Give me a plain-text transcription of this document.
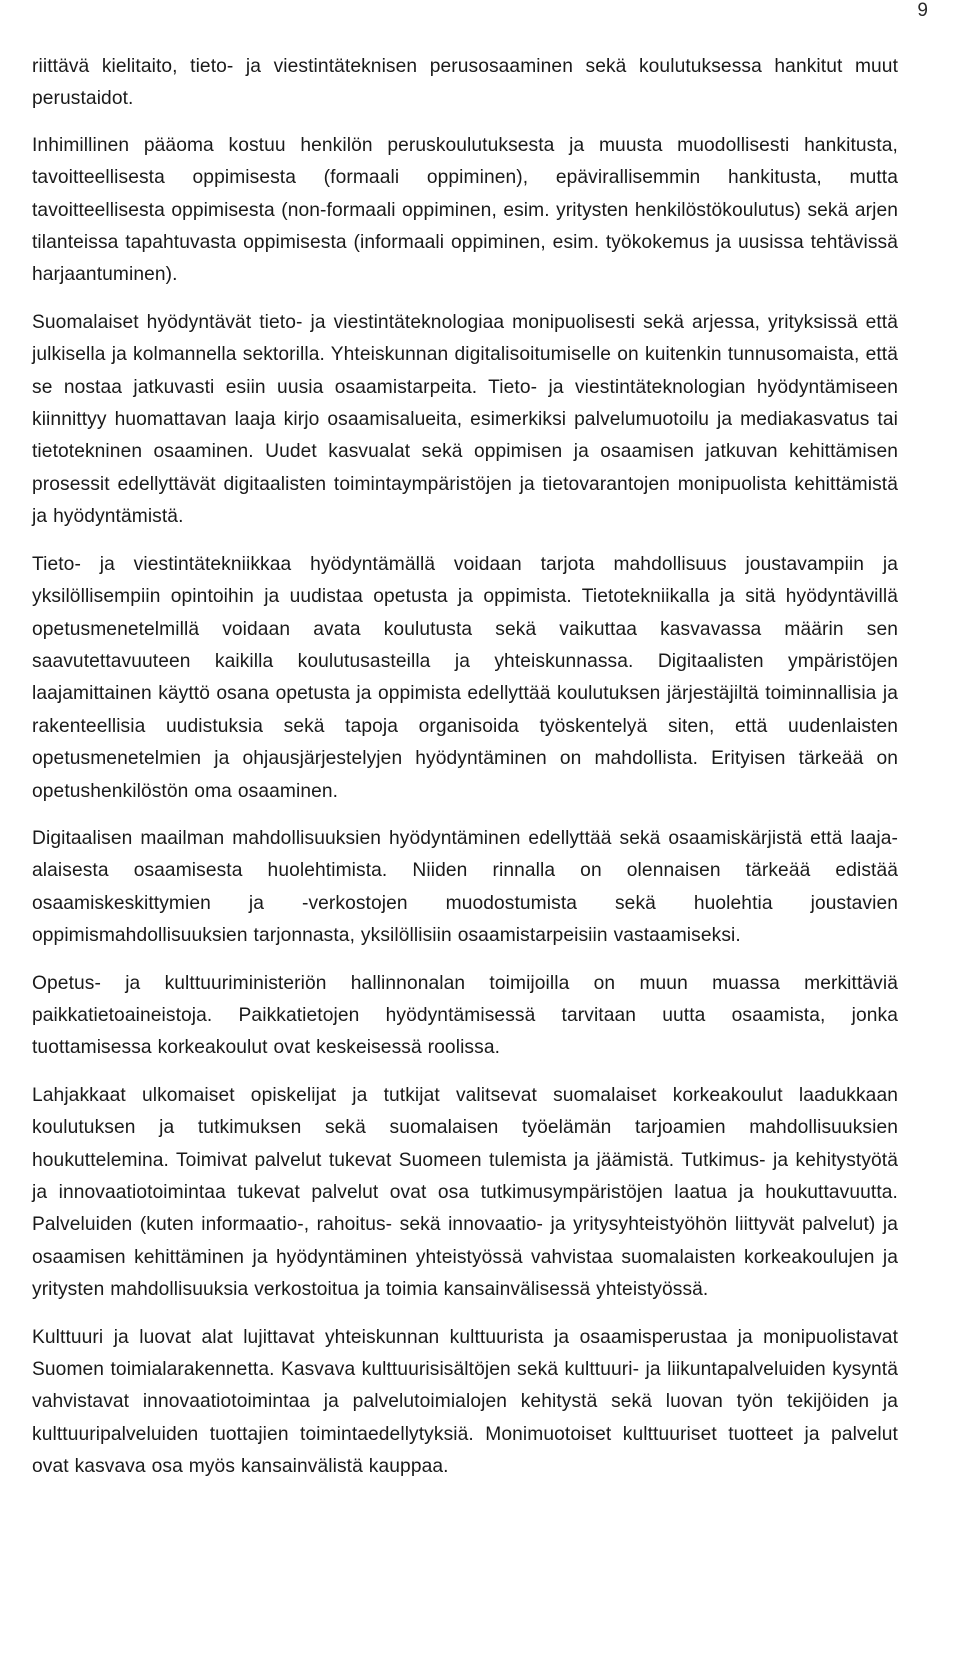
9

riittävä kielitaito, tieto- ja viestintäteknisen perusosaaminen sekä koulutuksessa hankitut muut perustaidot.

Inhimillinen pääoma kostuu henkilön peruskoulutuksesta ja muusta muodollisesti hankitusta, tavoitteellisesta oppimisesta (formaali oppiminen), epävirallisemmin hankitusta, mutta tavoitteellisesta oppimisesta (non-formaali oppiminen, esim. yritysten henkilöstökoulutus) sekä arjen tilanteissa tapahtuvasta oppimisesta (informaali oppiminen, esim. työkokemus ja uusissa tehtävissä harjaantuminen).

Suomalaiset hyödyntävät tieto- ja viestintäteknologiaa monipuolisesti sekä arjessa, yrityksissä että julkisella ja kolmannella sektorilla. Yhteiskunnan digitalisoitumiselle on kuitenkin tunnusomaista, että se nostaa jatkuvasti esiin uusia osaamistarpeita. Tieto- ja viestintäteknologian hyödyntämiseen kiinnittyy huomattavan laaja kirjo osaamisalueita, esimerkiksi palvelumuotoilu ja mediakasvatus tai tietotekninen osaaminen. Uudet kasvualat sekä oppimisen ja osaamisen jatkuvan kehittämisen prosessit edellyttävät digitaalisten toimintaympäristöjen ja tietovarantojen monipuolista kehittämistä ja hyödyntämistä.

Tieto- ja viestintätekniikkaa hyödyntämällä voidaan tarjota mahdollisuus joustavampiin ja yksilöllisempiin opintoihin ja uudistaa opetusta ja oppimista. Tietotekniikalla ja sitä hyödyntävillä opetusmenetelmillä voidaan avata koulutusta sekä vaikuttaa kasvavassa määrin sen saavutettavuuteen kaikilla koulutusasteilla ja yhteiskunnassa. Digitaalisten ympäristöjen laajamittainen käyttö osana opetusta ja oppimista edellyttää koulutuksen järjestäjiltä toiminnallisia ja rakenteellisia uudistuksia sekä tapoja organisoida työskentelyä siten, että uudenlaisten opetusmenetelmien ja ohjausjärjestelyjen hyödyntäminen on mahdollista. Erityisen tärkeää on opetushenkilöstön oma osaaminen.

Digitaalisen maailman mahdollisuuksien hyödyntäminen edellyttää sekä osaamiskärjistä että laaja-alaisesta osaamisesta huolehtimista. Niiden rinnalla on olennaisen tärkeää edistää osaamiskeskittymien ja -verkostojen muodostumista sekä huolehtia joustavien oppimismahdollisuuksien tarjonnasta, yksilöllisiin osaamistarpeisiin vastaamiseksi.

Opetus- ja kulttuuriministeriön hallinnonalan toimijoilla on muun muassa merkittäviä paikkatietoaineistoja. Paikkatietojen hyödyntämisessä tarvitaan uutta osaamista, jonka tuottamisessa korkeakoulut ovat keskeisessä roolissa.

Lahjakkaat ulkomaiset opiskelijat ja tutkijat valitsevat suomalaiset korkeakoulut laadukkaan koulutuksen ja tutkimuksen sekä suomalaisen työelämän tarjoamien mahdollisuuksien houkuttelemina. Toimivat palvelut tukevat Suomeen tulemista ja jäämistä. Tutkimus- ja kehitystyötä ja innovaatiotoimintaa tukevat palvelut ovat osa tutkimusympäristöjen laatua ja houkuttavuutta. Palveluiden (kuten informaatio-, rahoitus- sekä innovaatio- ja yritysyhteistyöhön liittyvät palvelut) ja osaamisen kehittäminen ja hyödyntäminen yhteistyössä vahvistaa suomalaisten korkeakoulujen ja yritysten mahdollisuuksia verkostoitua ja toimia kansainvälisessä yhteistyössä.

Kulttuuri ja luovat alat lujittavat yhteiskunnan kulttuurista ja osaamisperustaa ja monipuolistavat Suomen toimialarakennetta. Kasvava kulttuurisisältöjen sekä kulttuuri- ja liikuntapalveluiden kysyntä vahvistavat innovaatiotoimintaa ja palvelutoimialojen kehitystä sekä luovan työn tekijöiden ja kulttuuripalveluiden tuottajien toimintaedellytyksiä. Monimuotoiset kulttuuriset tuotteet ja palvelut ovat kasvava osa myös kansainvälistä kauppaa.
